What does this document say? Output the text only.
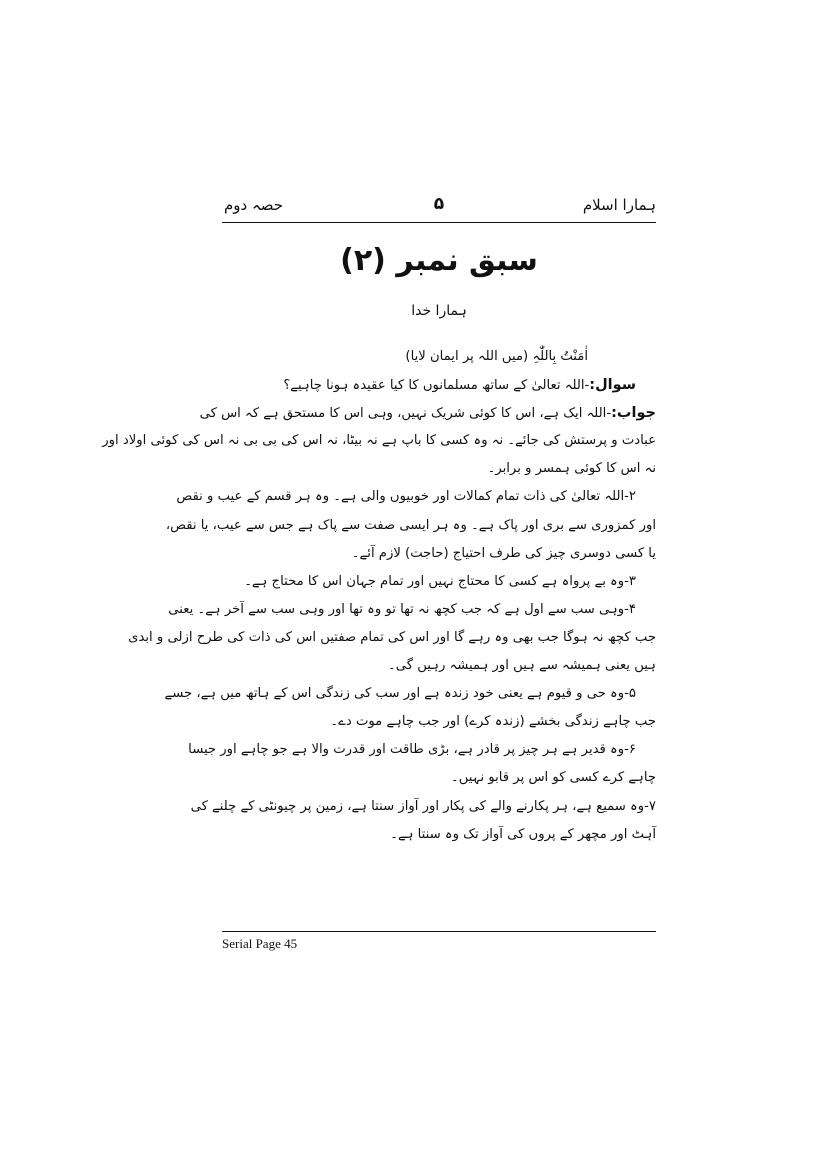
ہمارا اسلام
۵
حصہ دوم
سبق نمبر (۲)
ہمارا خدا
اٰمَنْتُ بِاللّٰہِ (میں اللہ پر ایمان لایا)
سوال:-اللہ تعالیٰ کے ساتھ مسلمانوں کا کیا عقیدہ ہونا چاہیے؟
جواب:-اللہ ایک ہے، اس کا کوئی شریک نہیں، وہی اس کا مستحق ہے کہ اس کی
عبادت و پرستش کی جائے۔ نہ وہ کسی کا باپ ہے نہ بیٹا، نہ اس کی بی بی نہ اس کی کوئی اولاد اور
نہ اس کا کوئی ہمسر و برابر۔
۲-اللہ تعالیٰ کی ذات تمام کمالات اور خوبیوں والی ہے۔ وہ ہر قسم کے عیب و نقص
اور کمزوری سے بری اور پاک ہے۔ وہ ہر ایسی صفت سے پاک ہے جس سے عیب، یا نقص،
یا کسی دوسری چیز کی طرف احتیاج (حاجت) لازم آئے۔
۳-وہ بے پرواہ ہے کسی کا محتاج نہیں اور تمام جہان اس کا محتاج ہے۔
۴-وہی سب سے اول ہے کہ جب کچھ نہ تھا تو وہ تھا اور وہی سب سے آخر ہے۔ یعنی
جب کچھ نہ ہوگا جب بھی وہ رہے گا اور اس کی تمام صفتیں اس کی ذات کی طرح ازلی و ابدی
ہیں یعنی ہمیشہ سے ہیں اور ہمیشہ رہیں گی۔
۵-وہ حی و قیوم ہے یعنی خود زندہ ہے اور سب کی زندگی اس کے ہاتھ میں ہے، جسے
جب چاہے زندگی بخشے (زندہ کرے) اور جب چاہے موت دے۔
۶-وہ قدیر ہے ہر چیز پر قادر ہے، بڑی طاقت اور قدرت والا ہے جو چاہے اور جیسا
چاہے کرے کسی کو اس پر قابو نہیں۔
۷-وہ سمیع ہے، ہر پکارنے والے کی پکار اور آواز سنتا ہے، زمین پر چیونٹی کے چلنے کی
آہٹ اور مچھر کے پروں کی آواز تک وہ سنتا ہے۔
Serial Page 45
